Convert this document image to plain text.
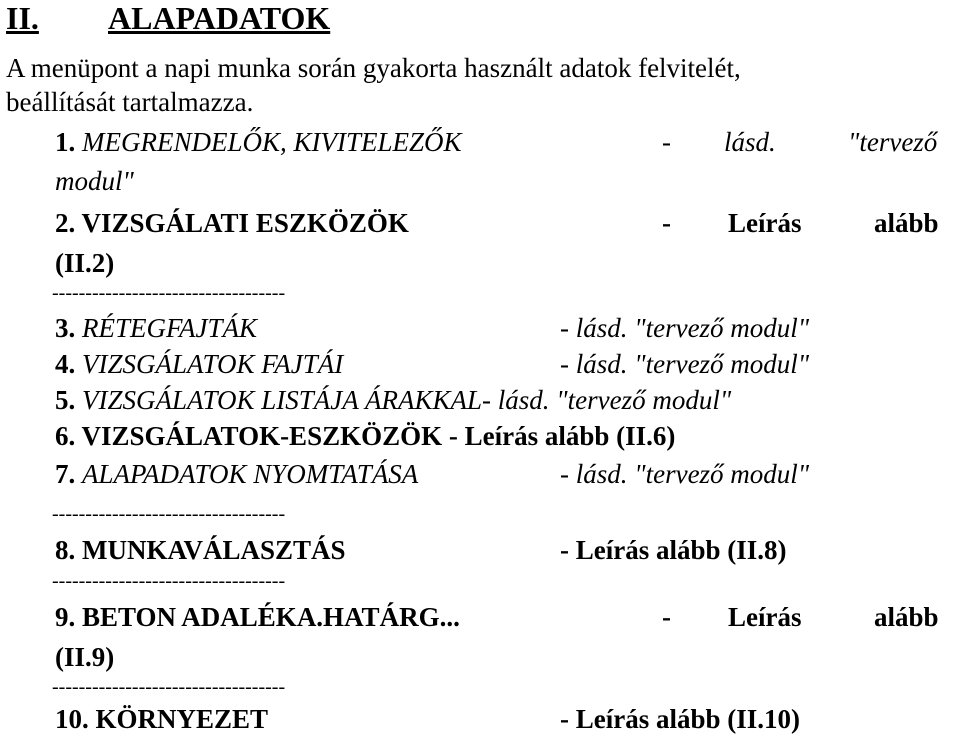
II. ALAPADATOK
A menüpont a napi munka során gyakorta használt adatok felvitelét,
beállítását tartalmazza.
1. MEGRENDELŐK, KIVITELEZŐK	- lásd.	"tervező
modul"
2. VIZSGÁLATI ESZKÖZÖK	- Leírás	alább
(II.2)
-----------------------------------
3. RÉTEGFAJTÁK	- lásd. "tervező modul"
4. VIZSGÁLATOK FAJTÁI	- lásd. "tervező modul"
5. VIZSGÁLATOK LISTÁJA ÁRAKKAL- lásd. "tervező modul"
6. VIZSGÁLATOK-ESZKÖZÖK - Leírás alább (II.6)
7. ALAPADATOK NYOMTATÁSA	- lásd. "tervező modul"
-----------------------------------
8. MUNKAVÁLASZTÁS	- Leírás alább (II.8)
-----------------------------------
9. BETON ADALÉKA.HATÁRG...	- Leírás	alább
(II.9)
-----------------------------------
10. KÖRNYEZET	- Leírás alább (II.10)
